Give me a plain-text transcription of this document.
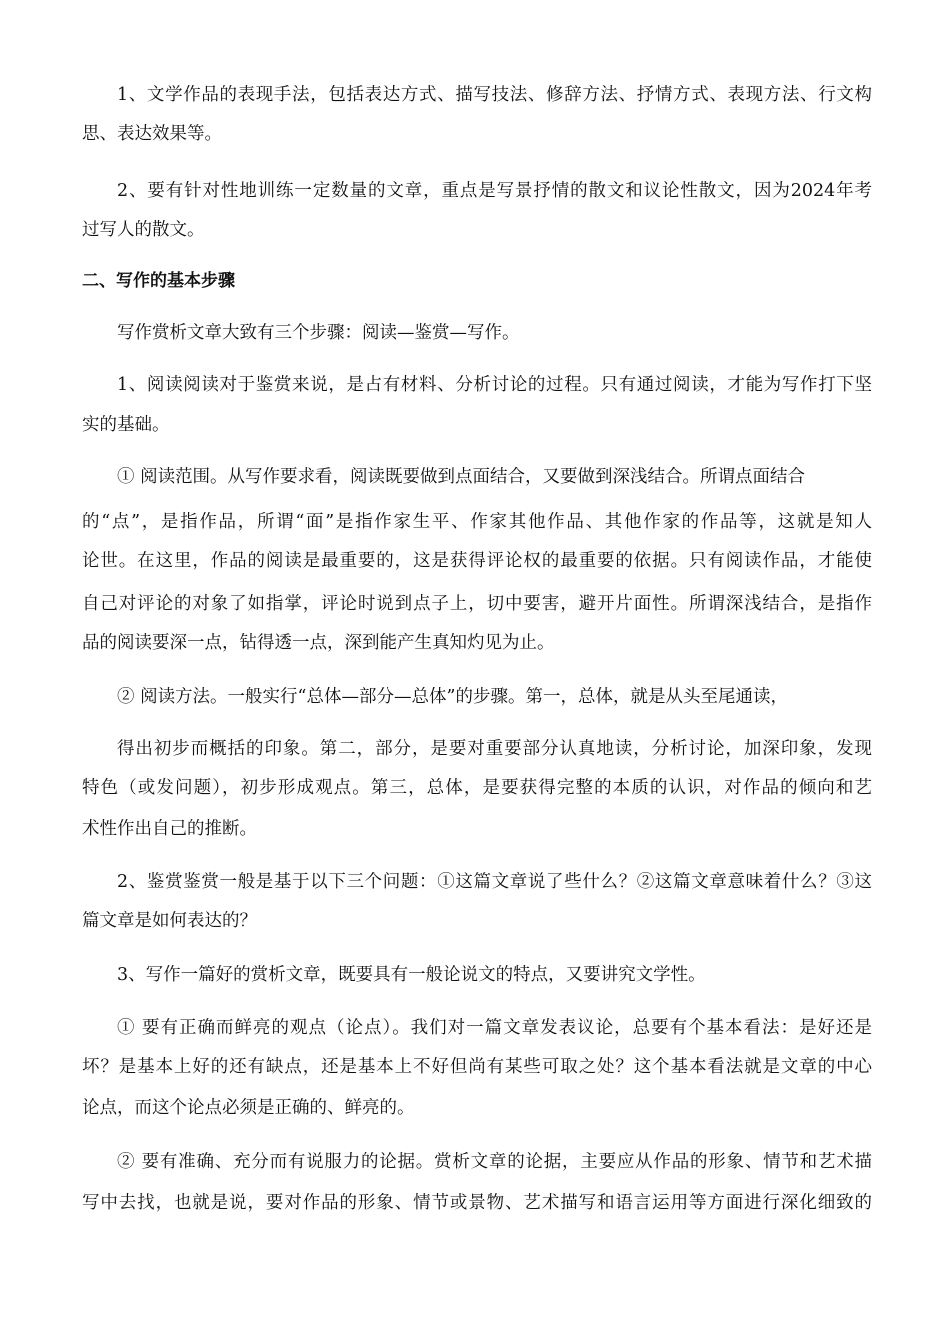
1、文学作品的表现手法，包括表达方式、描写技法、修辞方法、抒情方式、表现方法、行文构
思、表达效果等。
2、要有针对性地训练一定数量的文章，重点是写景抒情的散文和议论性散文，因为2024年考
过写人的散文。
二、写作的基本步骤
写作赏析文章大致有三个步骤：阅读—鉴赏—写作。
1、阅读阅读对于鉴赏来说，是占有材料、分析讨论的过程。只有通过阅读，才能为写作打下坚
实的基础。
① 阅读范围。从写作要求看，阅读既要做到点面结合，又要做到深浅结合。所谓点面结合
的“点”，是指作品，所谓“面”是指作家生平、作家其他作品、其他作家的作品等，这就是知人
论世。在这里，作品的阅读是最重要的，这是获得评论权的最重要的依据。只有阅读作品，才能使
自己对评论的对象了如指掌，评论时说到点子上，切中要害，避开片面性。所谓深浅结合，是指作
品的阅读要深一点，钻得透一点，深到能产生真知灼见为止。
② 阅读方法。一般实行“总体—部分—总体”的步骤。第一，总体，就是从头至尾通读，
得出初步而概括的印象。第二，部分，是要对重要部分认真地读，分析讨论，加深印象，发现
特色（或发问题），初步形成观点。第三，总体，是要获得完整的本质的认识，对作品的倾向和艺
术性作出自己的推断。
2、鉴赏鉴赏一般是基于以下三个问题：①这篇文章说了些什么？②这篇文章意味着什么？③这
篇文章是如何表达的？
3、写作一篇好的赏析文章，既要具有一般论说文的特点，又要讲究文学性。
① 要有正确而鲜亮的观点（论点）。我们对一篇文章发表议论，总要有个基本看法：是好还是
坏？是基本上好的还有缺点，还是基本上不好但尚有某些可取之处？这个基本看法就是文章的中心
论点，而这个论点必须是正确的、鲜亮的。
② 要有准确、充分而有说服力的论据。赏析文章的论据，主要应从作品的形象、情节和艺术描
写中去找，也就是说，要对作品的形象、情节或景物、艺术描写和语言运用等方面进行深化细致的
